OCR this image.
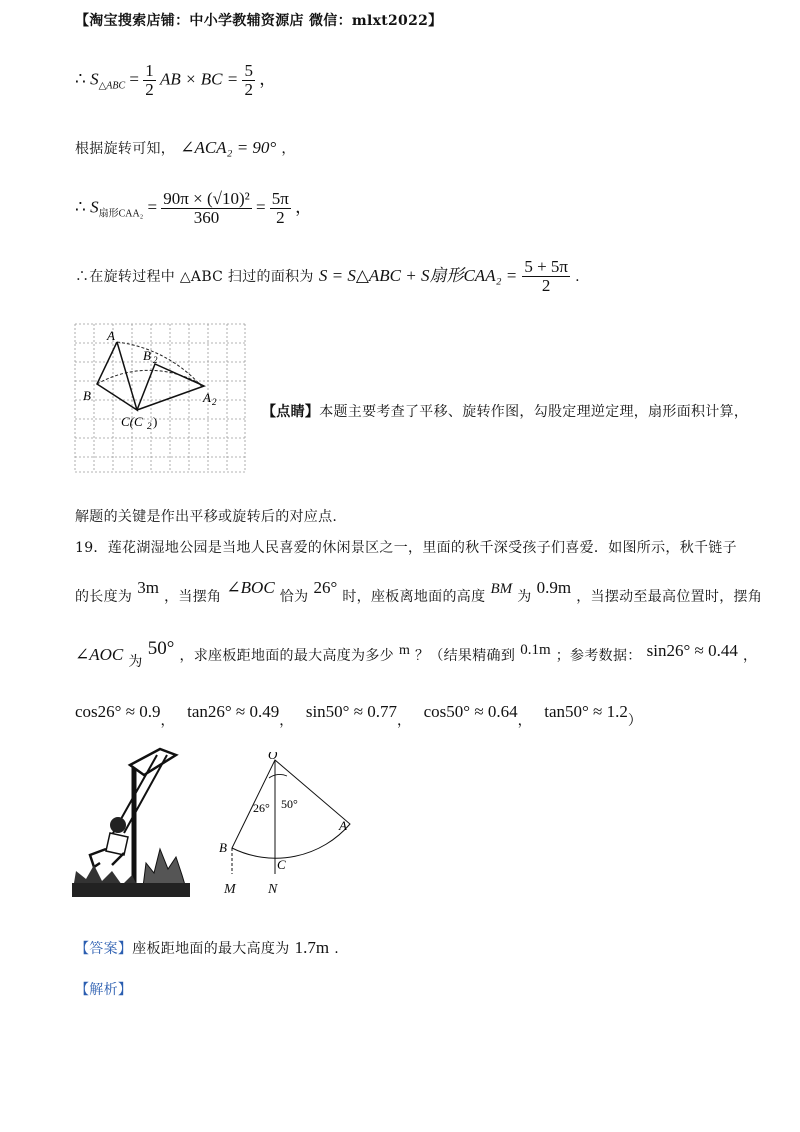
【淘宝搜索店铺：中小学教辅资源店 微信：mlxt2022】
∴ $S_{\triangle ABC} = \frac{1}{2}$ AB × BC = $\frac{5}{2}$ ，
根据旋转可知， ∠ACA₂ = 90° ，
∴ $S_{扇形CAA_2} = \frac{\text{90π × (√10)²}}{360} = \frac{5\pi}{2}$ ，
∴在旋转过程中 △ABC 扫过的面积为 S = S△ABC + S扇形$CAA_2 = \frac{5 + 5\pi}{2}$ .
A
B 2
B	A 2
C(C 2 )
【点睛】本题主要考查了平移、旋转作图，勾股定理逆定理，扇形面积计算，
解题的关键是作出平移或旋转后的对应点.
19．莲花湖湿地公园是当地人民喜爱的休闲景区之一，里面的秋千深受孩子们喜爱．如图所示，秋千链子
的长度为 3m ，当摆角 ∠BOC 恰为 26° 时，座板离地面的高度 BM 为 0.9m ，当摆动至最高位置时，摆角
∠AOC 为 50° ，求座板距地面的最大高度为多少 m ？（结果精确到 0.1m ；参考数据： sin26° ≈ 0.44 ，
$\cos 26^\circ \approx 0.9_,$ $\tan 26^\circ \approx 0.49_,$ $\sin 50^\circ \approx 0.77_,$ $\cos 50^\circ \approx 0.64_,$ $\tan 50^\circ \approx 1.2_)$
O
26° 50°
A
B
C
M N
【答案】座板距地面的最大高度为 1.7m .
【解析】
